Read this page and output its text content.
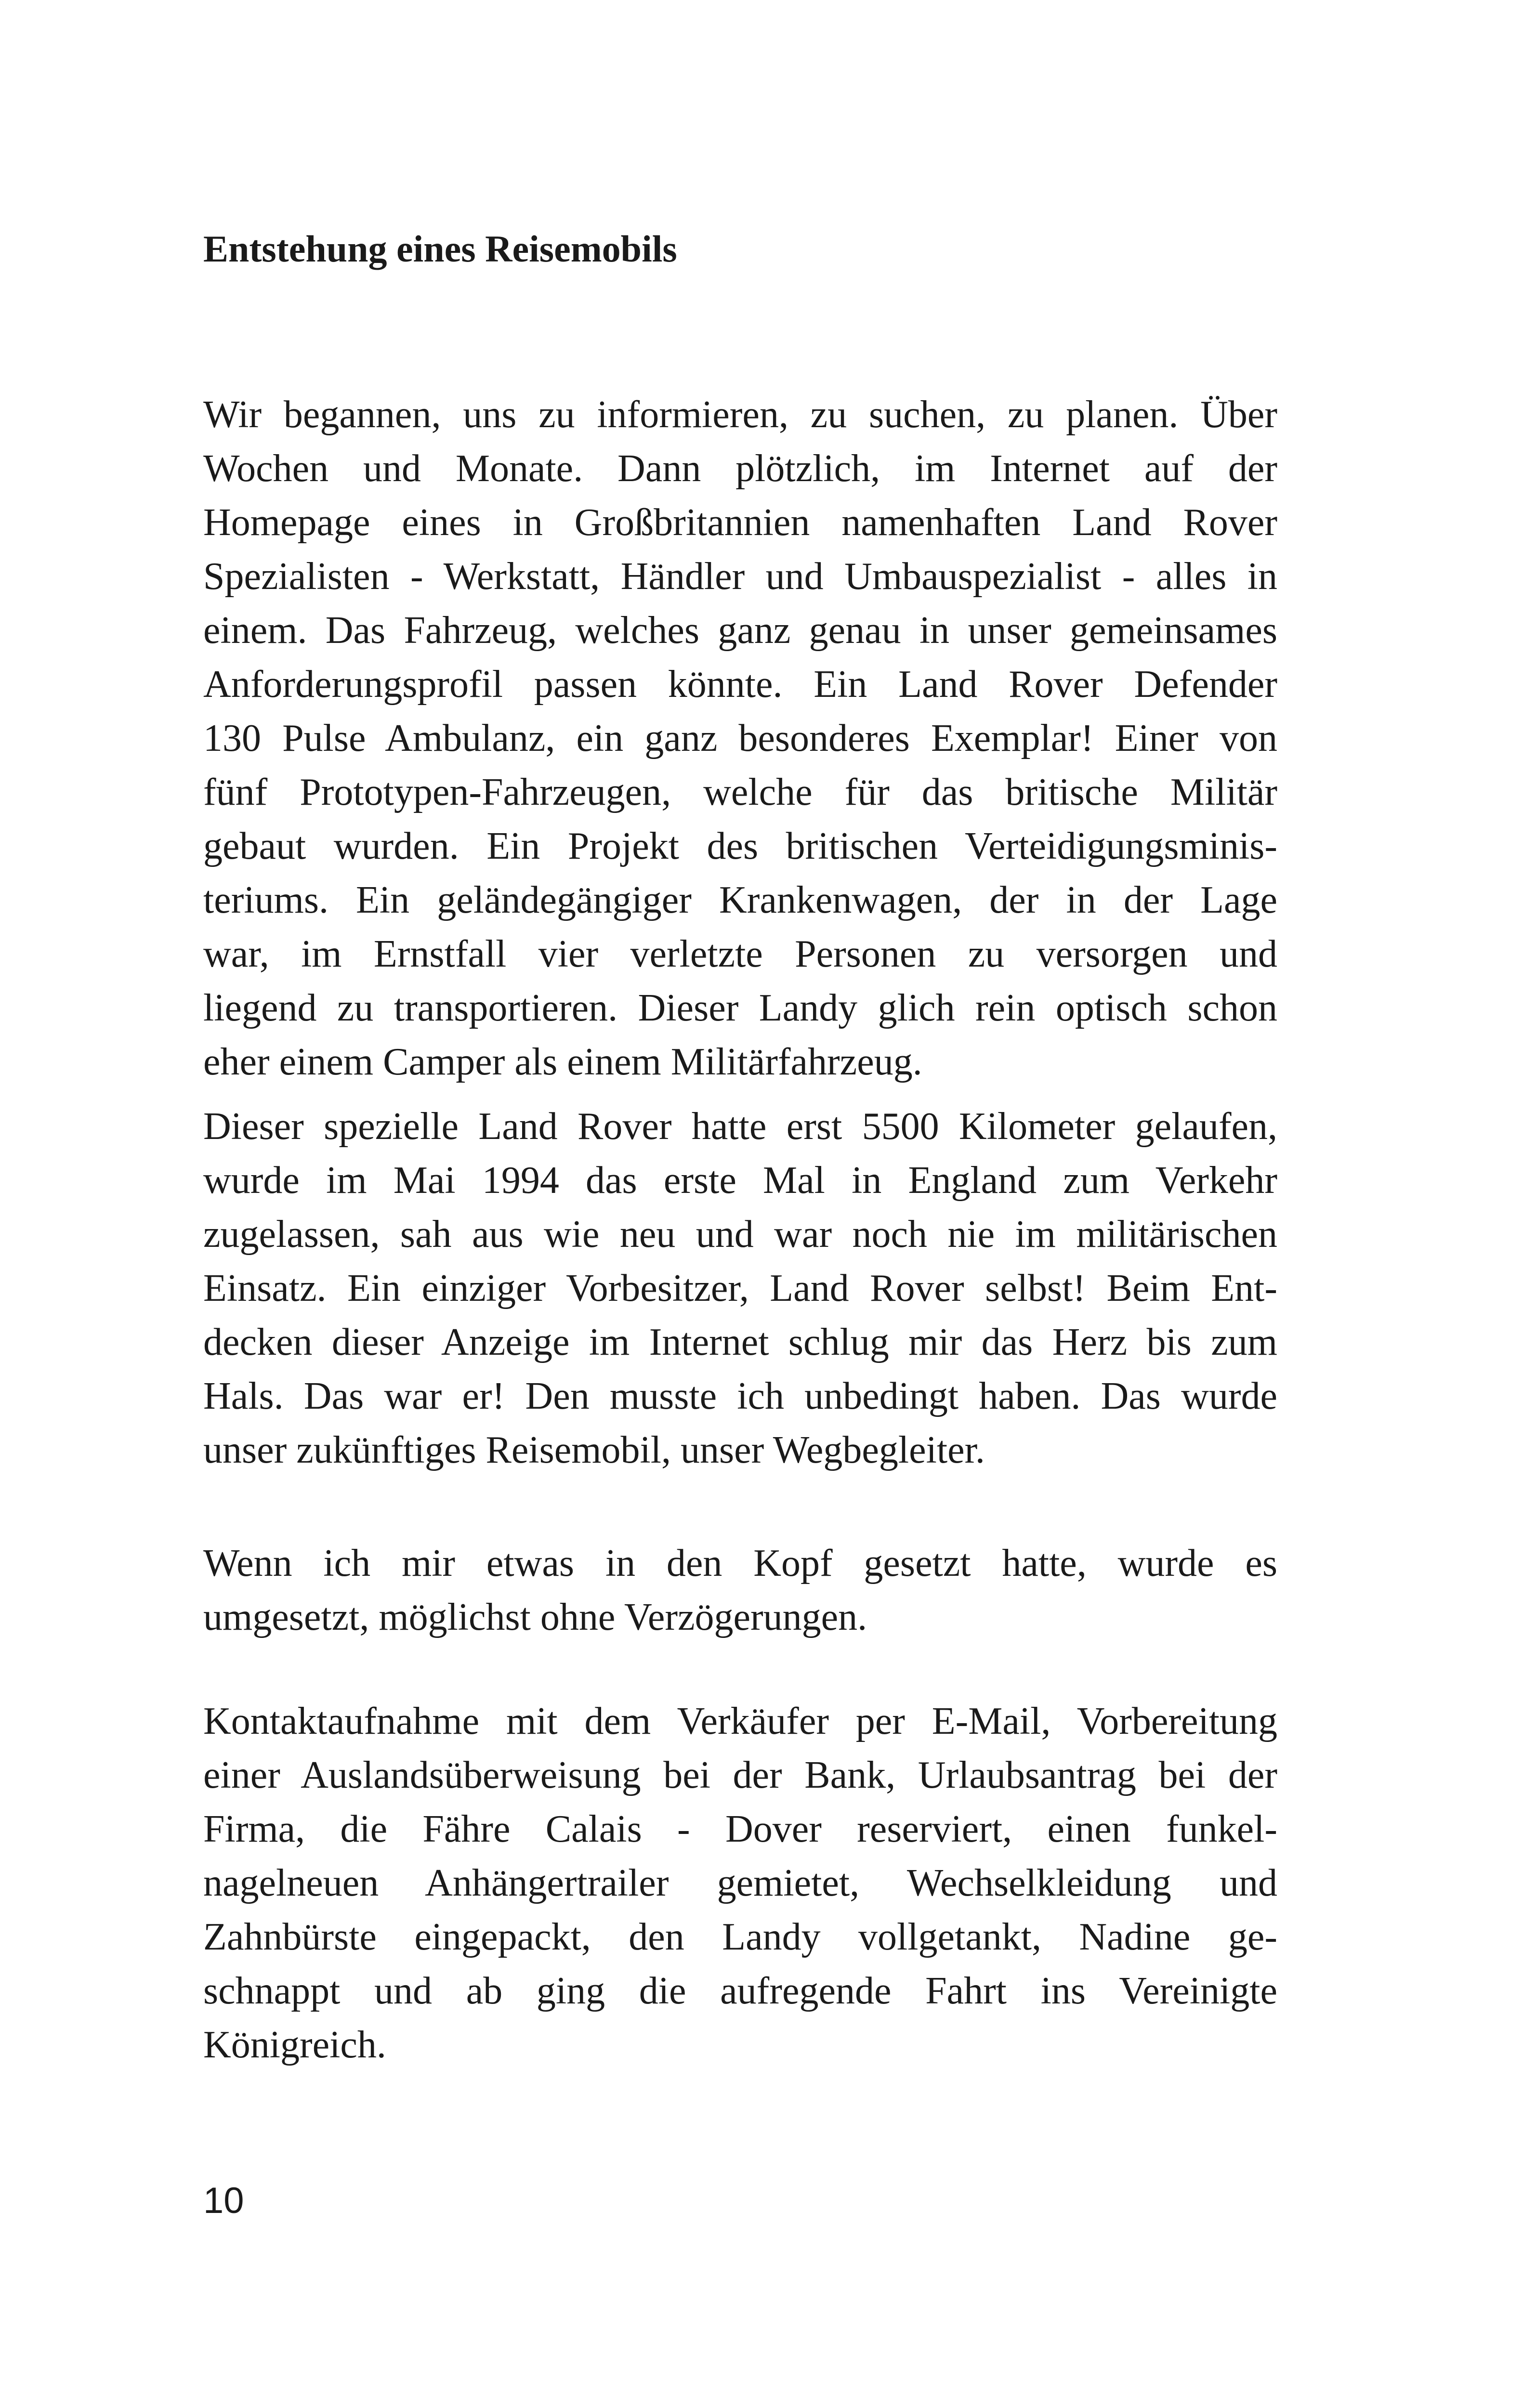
Entstehung eines Reisemobils

Wir begannen, uns zu informieren, zu suchen, zu planen. Über
Wochen und Monate. Dann plötzlich, im Internet auf der
Homepage eines in Großbritannien namenhaften Land Rover
Spezialisten - Werkstatt, Händler und Umbauspezialist - alles in
einem. Das Fahrzeug, welches ganz genau in unser gemeinsames
Anforderungsprofil passen könnte. Ein Land Rover Defender
130 Pulse Ambulanz, ein ganz besonderes Exemplar! Einer von
fünf Prototypen-Fahrzeugen, welche für das britische Militär
gebaut wurden. Ein Projekt des britischen Verteidigungsminis-
teriums. Ein geländegängiger Krankenwagen, der in der Lage
war, im Ernstfall vier verletzte Personen zu versorgen und
liegend zu transportieren. Dieser Landy glich rein optisch schon
eher einem Camper als einem Militärfahrzeug.

Dieser spezielle Land Rover hatte erst 5500 Kilometer gelaufen,
wurde im Mai 1994 das erste Mal in England zum Verkehr
zugelassen, sah aus wie neu und war noch nie im militärischen
Einsatz. Ein einziger Vorbesitzer, Land Rover selbst! Beim Ent-
decken dieser Anzeige im Internet schlug mir das Herz bis zum
Hals. Das war er! Den musste ich unbedingt haben. Das wurde
unser zukünftiges Reisemobil, unser Wegbegleiter.

Wenn ich mir etwas in den Kopf gesetzt hatte, wurde es
umgesetzt, möglichst ohne Verzögerungen.

Kontaktaufnahme mit dem Verkäufer per E-Mail, Vorbereitung
einer Auslandsüberweisung bei der Bank, Urlaubsantrag bei der
Firma, die Fähre Calais - Dover reserviert, einen funkel-
nagelneuen Anhängertrailer gemietet, Wechselkleidung und
Zahnbürste eingepackt, den Landy vollgetankt, Nadine ge-
schnappt und ab ging die aufregende Fahrt ins Vereinigte
Königreich.

10
